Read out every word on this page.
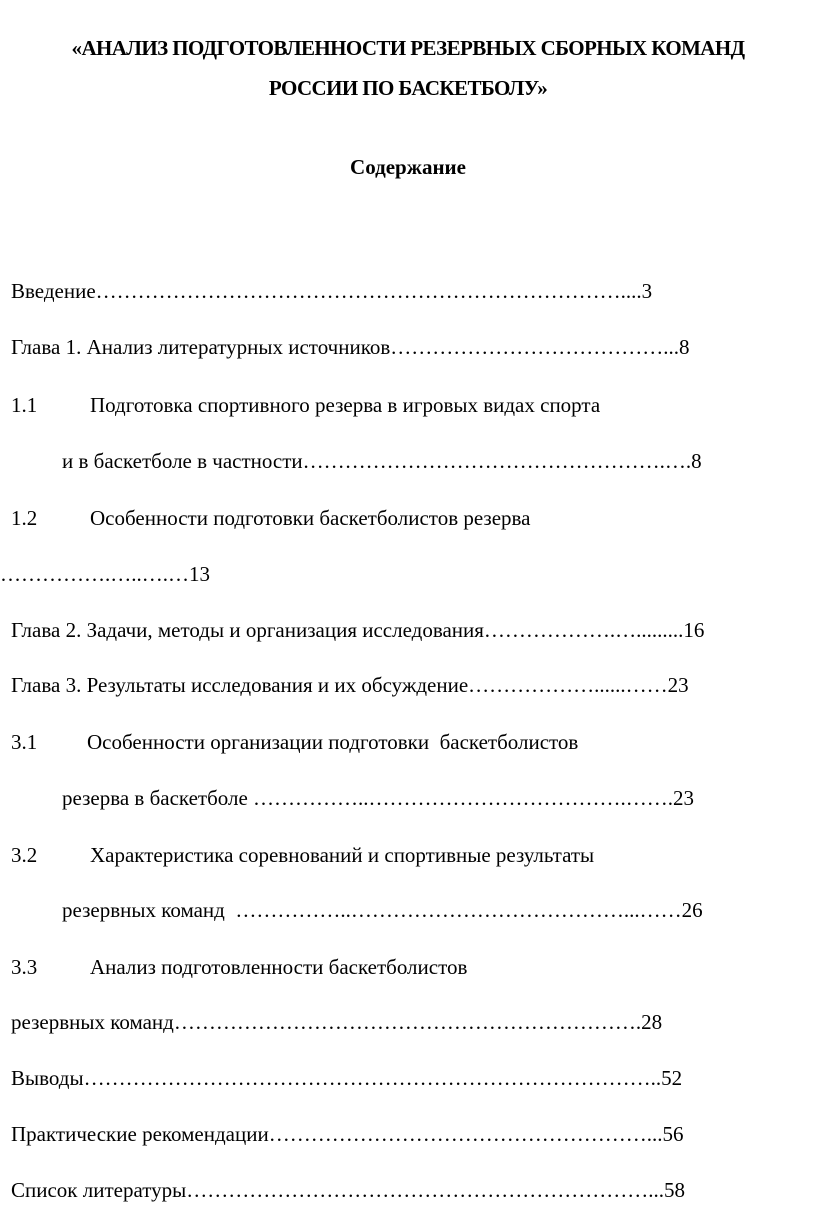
«АНАЛИЗ ПОДГОТОВЛЕННОСТИ РЕЗЕРВНЫХ СБОРНЫХ КОМАНД
РОССИИ ПО БАСКЕТБОЛУ»
Содержание
Введение…………………………………………………………………....3
Глава 1. Анализ литературных источников…………………………………...8
1.1	Подготовка спортивного резерва в игровых видах спорта
и в баскетболе в частности…………………………………………….….8
1.2	Особенности подготовки баскетболистов резерва
…………….…..….…13
Глава 2. Задачи, методы и организация исследования……………….….........16
Глава 3. Результаты исследования и их обсуждение………………......……23
3.1 Особенности организации подготовки  баскетболистов
резерва в баскетболе ……………..……………………………….…….23
3.2	Характеристика соревнований и спортивные результаты
резервных команд  ……………..…………………………………...……26
3.3	Анализ подготовленности баскетболистов
резервных команд………………………………………………………….28
Выводы………………………………………………………………………..52
Практические рекомендации………………………………………………...56
Список литературы…………………………………………………………...58
